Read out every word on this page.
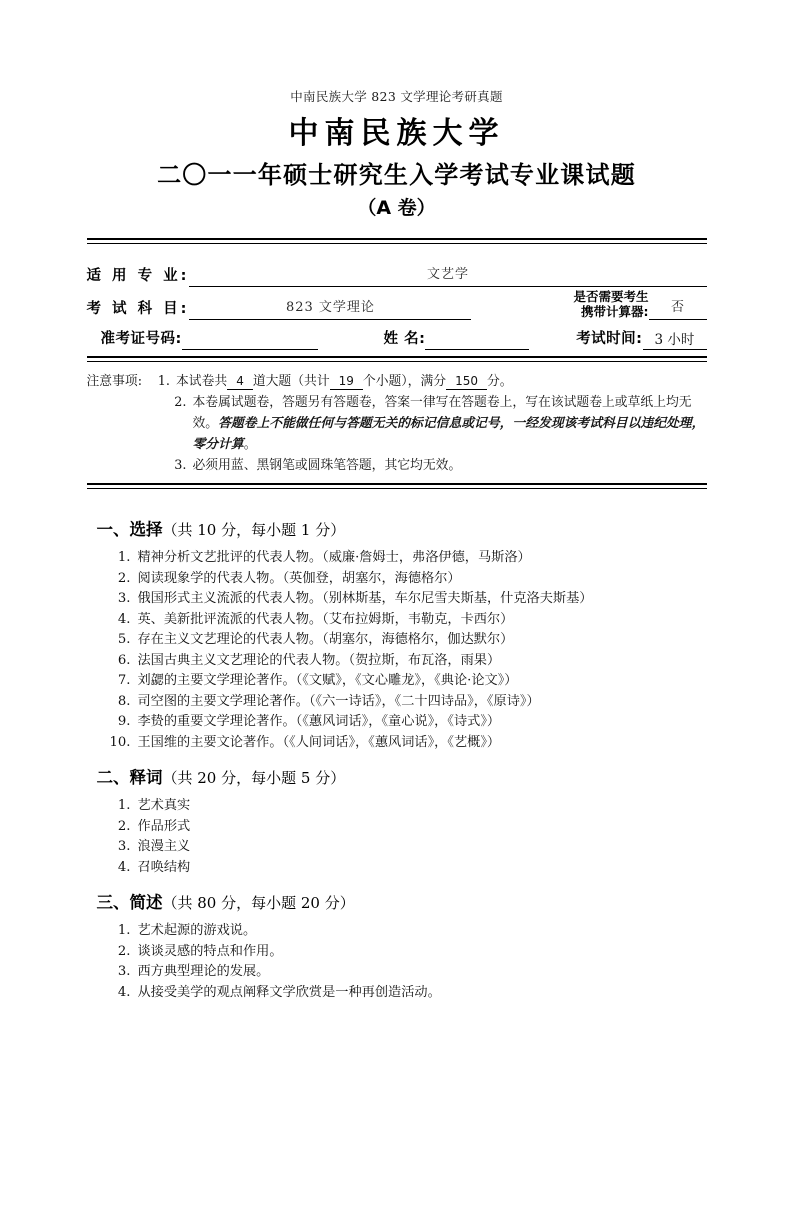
中南民族大学 823 文学理论考研真题
中南民族大学
二〇一一年硕士研究生入学考试专业课试题
（A 卷）
适 用 专 业:	文艺学
考 试 科 目:	823 文学理论
是否需要考生
携带计算器:	否
准考证号码:	姓 名:	考试时间: 3 小时
注意事项:	1. 本试卷共 4 道大题（共计 19 个小题），满分 150 分。
2. 本卷属试题卷，答题另有答题卷，答案一律写在答题卷上，写在该试题卷上或草纸上均无效。答题卷上不能做任何与答题无关的标记信息或记号，一经发现该考试科目以违纪处理，零分计算。
3. 必须用蓝、黑钢笔或圆珠笔答题，其它均无效。
一、选择（共 10 分，每小题 1 分）
1. 精神分析文艺批评的代表人物。（威廉·詹姆士，弗洛伊德，马斯洛）
2. 阅读现象学的代表人物。（英伽登，胡塞尔，海德格尔）
3. 俄国形式主义流派的代表人物。（别林斯基，车尔尼雪夫斯基，什克洛夫斯基）
4. 英、美新批评流派的代表人物。（艾布拉姆斯，韦勒克，卡西尔）
5. 存在主义文艺理论的代表人物。（胡塞尔，海德格尔，伽达默尔）
6. 法国古典主义文艺理论的代表人物。（贺拉斯，布瓦洛，雨果）
7. 刘勰的主要文学理论著作。（《文赋》，《文心雕龙》，《典论·论文》）
8. 司空图的主要文学理论著作。（《六一诗话》，《二十四诗品》，《原诗》）
9. 李贽的重要文学理论著作。（《蕙风词话》，《童心说》，《诗式》）
10. 王国维的主要文论著作。（《人间词话》，《蕙风词话》，《艺概》）
二、释词（共 20 分，每小题 5 分）
1. 艺术真实
2. 作品形式
3. 浪漫主义
4. 召唤结构
三、简述（共 80 分，每小题 20 分）
1. 艺术起源的游戏说。
2. 谈谈灵感的特点和作用。
3. 西方典型理论的发展。
4. 从接受美学的观点阐释文学欣赏是一种再创造活动。
